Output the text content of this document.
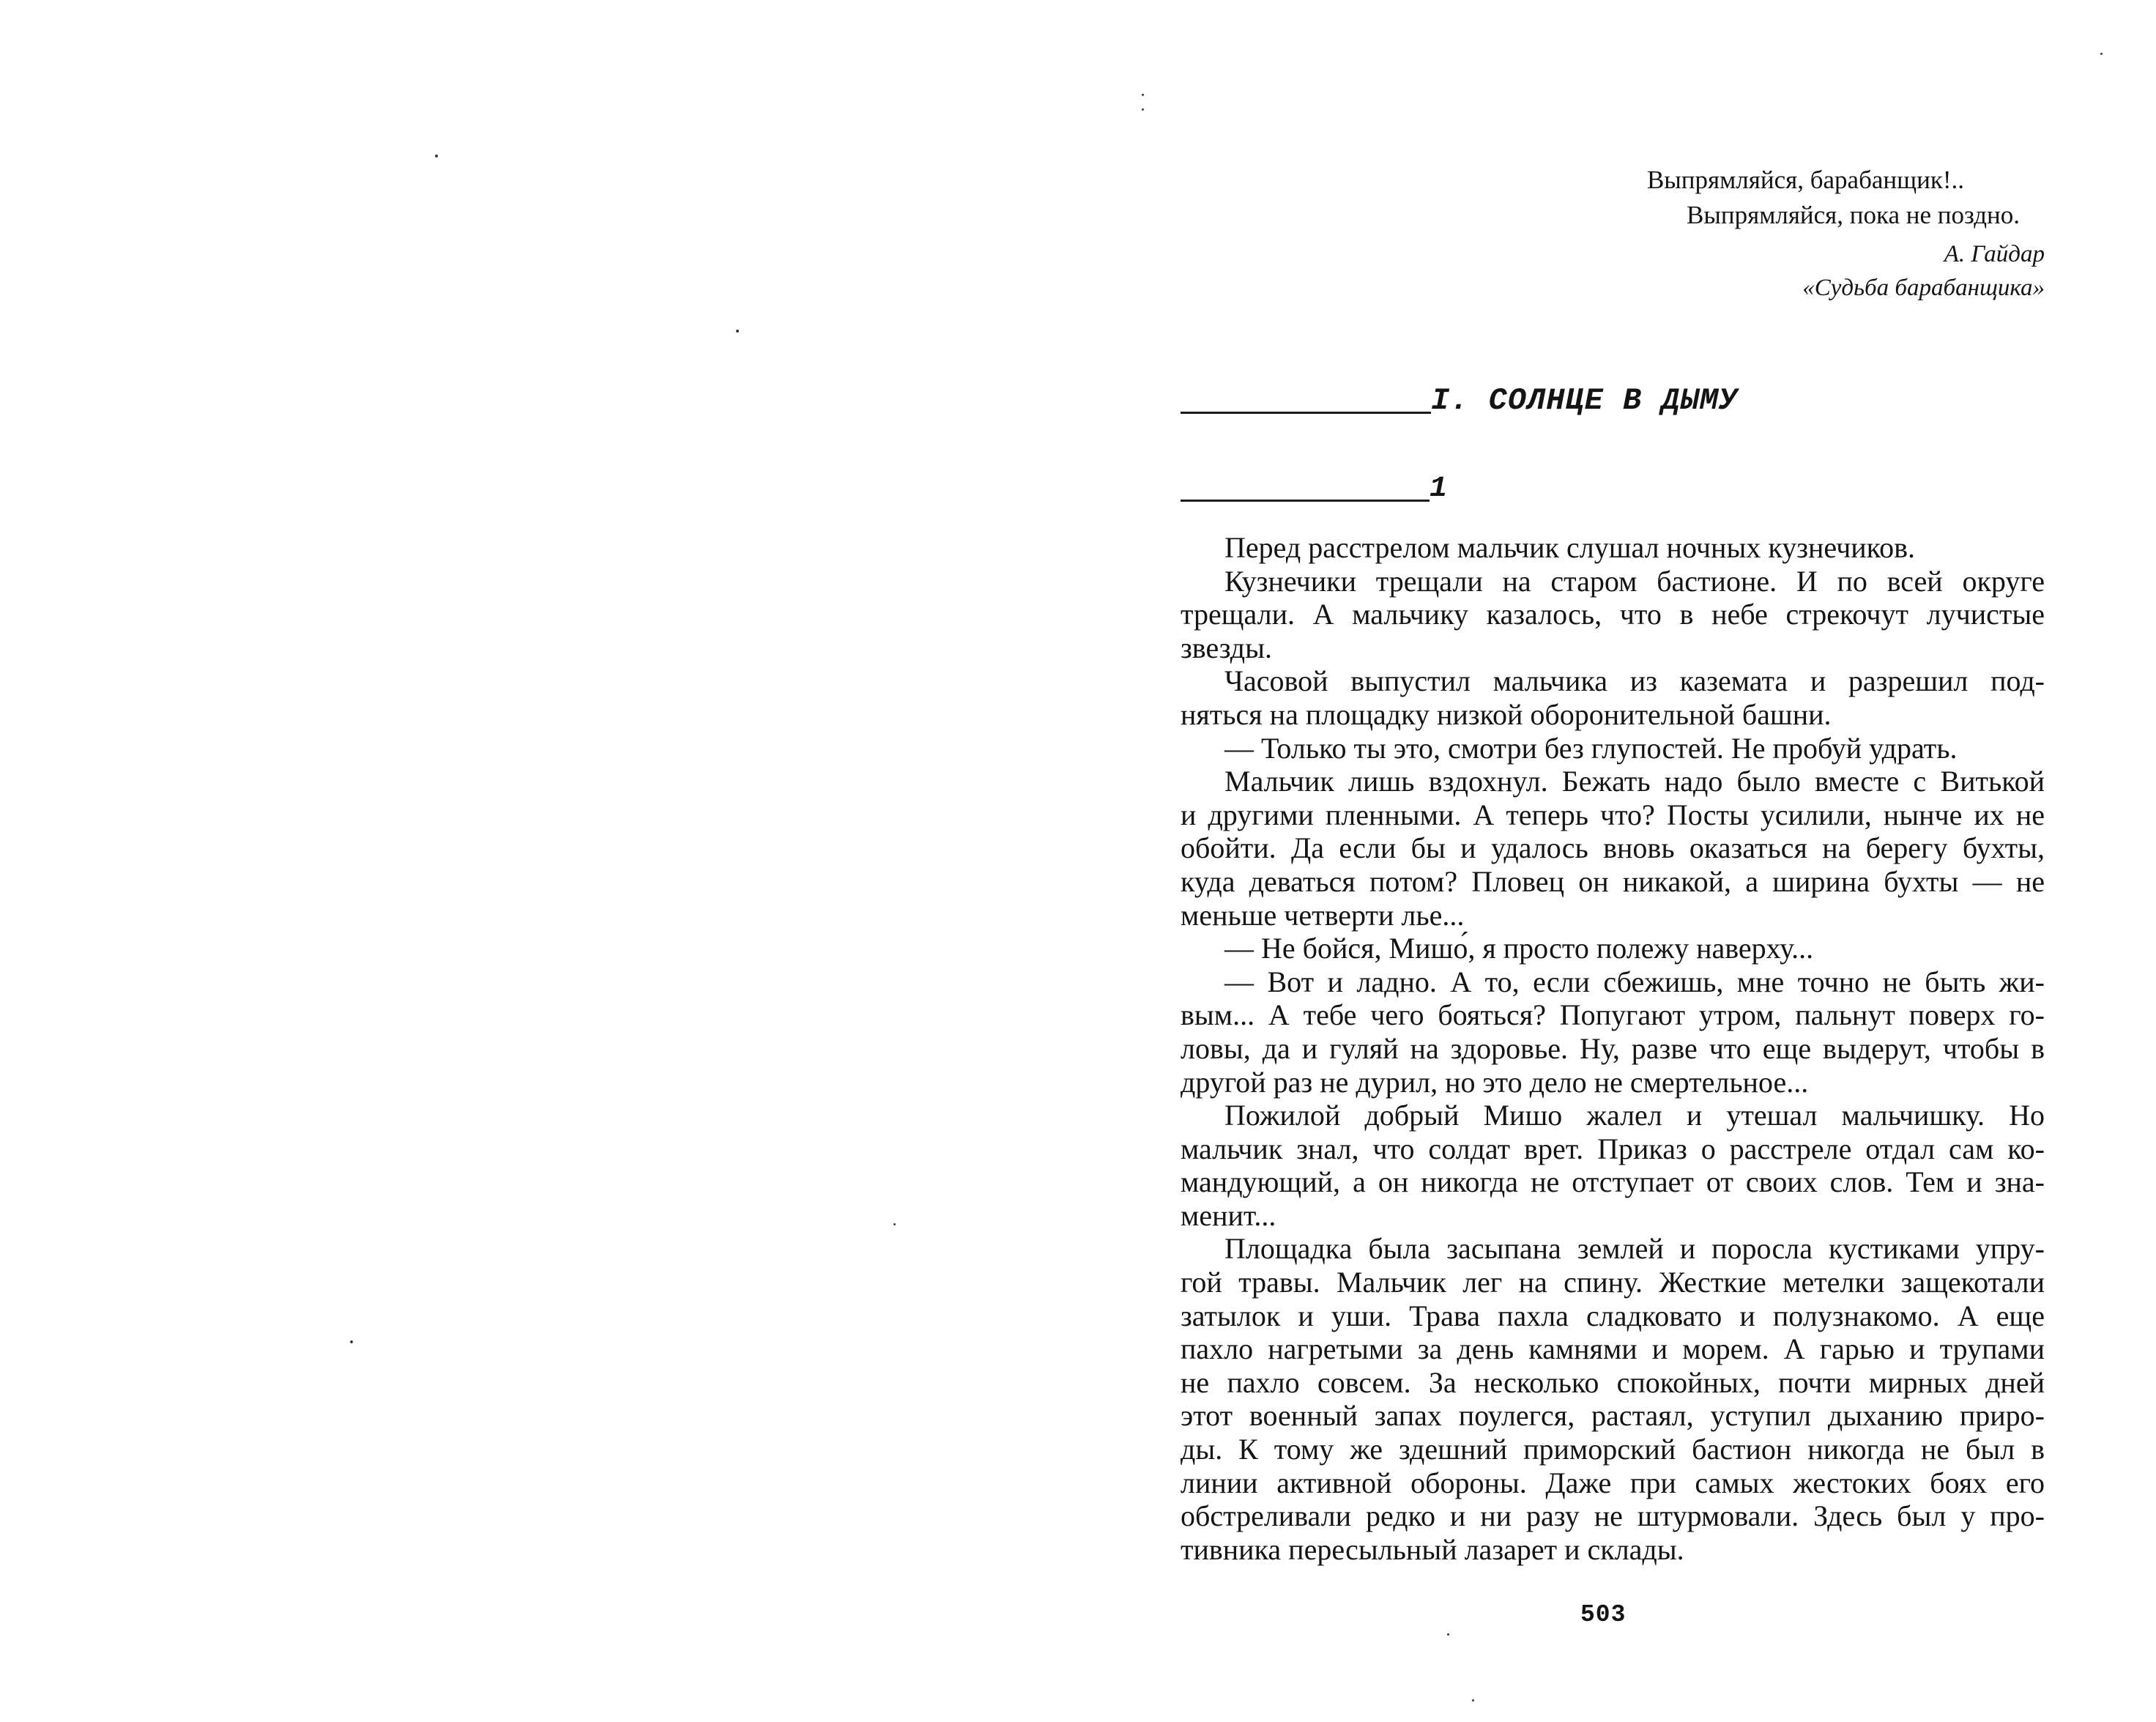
Выпрямляйся, барабанщик!..
Выпрямляйся, пока не поздно.
А. Гайдар
«Судьба барабанщика»
I. СОЛНЦЕ В ДЫМУ
1
Перед расстрелом мальчик слушал ночных кузнечиков.
Кузнечики трещали на старом бастионе. И по всей округе
трещали. А мальчику казалось, что в небе стрекочут лучистые
звезды.
Часовой выпустил мальчика из каземата и разрешил под-
няться на площадку низкой оборонительной башни.
— Только ты это, смотри без глупостей. Не пробуй удрать.
Мальчик лишь вздохнул. Бежать надо было вместе с Витькой
и другими пленными. А теперь что? Посты усилили, нынче их не
обойти. Да если бы и удалось вновь оказаться на берегу бухты,
куда деваться потом? Пловец он никакой, а ширина бухты — не
меньше четверти лье...
— Не бойся, Мишо́, я просто полежу наверху...
— Вот и ладно. А то, если сбежишь, мне точно не быть жи-
вым... А тебе чего бояться? Попугают утром, пальнут поверх го-
ловы, да и гуляй на здоровье. Ну, разве что еще выдерут, чтобы в
другой раз не дурил, но это дело не смертельное...
Пожилой добрый Мишо жалел и утешал мальчишку. Но
мальчик знал, что солдат врет. Приказ о расстреле отдал сам ко-
мандующий, а он никогда не отступает от своих слов. Тем и зна-
менит...
Площадка была засыпана землей и поросла кустиками упру-
гой травы. Мальчик лег на спину. Жесткие метелки защекотали
затылок и уши. Трава пахла сладковато и полузнакомо. А еще
пахло нагретыми за день камнями и морем. А гарью и трупами
не пахло совсем. За несколько спокойных, почти мирных дней
этот военный запах поулегся, растаял, уступил дыханию приро-
ды. К тому же здешний приморский бастион никогда не был в
линии активной обороны. Даже при самых жестоких боях его
обстреливали редко и ни разу не штурмовали. Здесь был у про-
тивника пересыльный лазарет и склады.
503
